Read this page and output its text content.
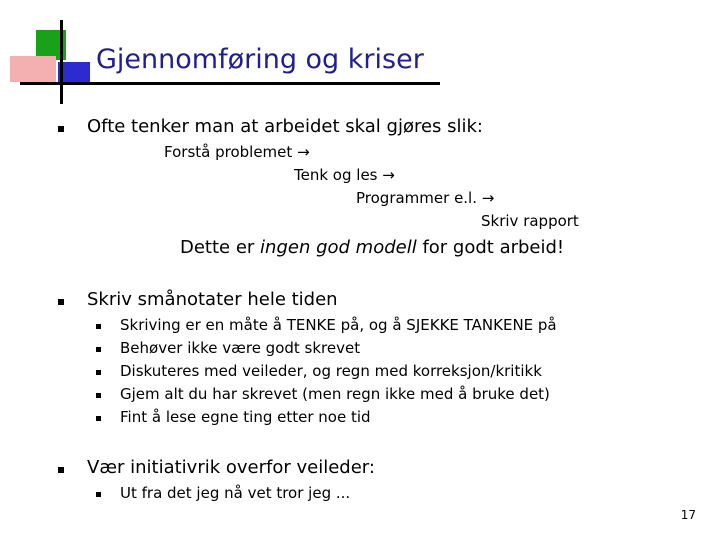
Gjennomføring og kriser
Ofte tenker man at arbeidet skal gjøres slik:
Forstå problemet →
Tenk og les →
Programmer e.l. →
Skriv rapport
Dette er ingen god modell for godt arbeid!
Skriv smånotater hele tiden
Skriving er en måte å TENKE på, og å SJEKKE TANKENE på
Behøver ikke være godt skrevet
Diskuteres med veileder, og regn med korreksjon/kritikk
Gjem alt du har skrevet (men regn ikke med å bruke det)
Fint å lese egne ting etter noe tid
Vær initiativrik overfor veileder:
Ut fra det jeg nå vet tror jeg ...
17
